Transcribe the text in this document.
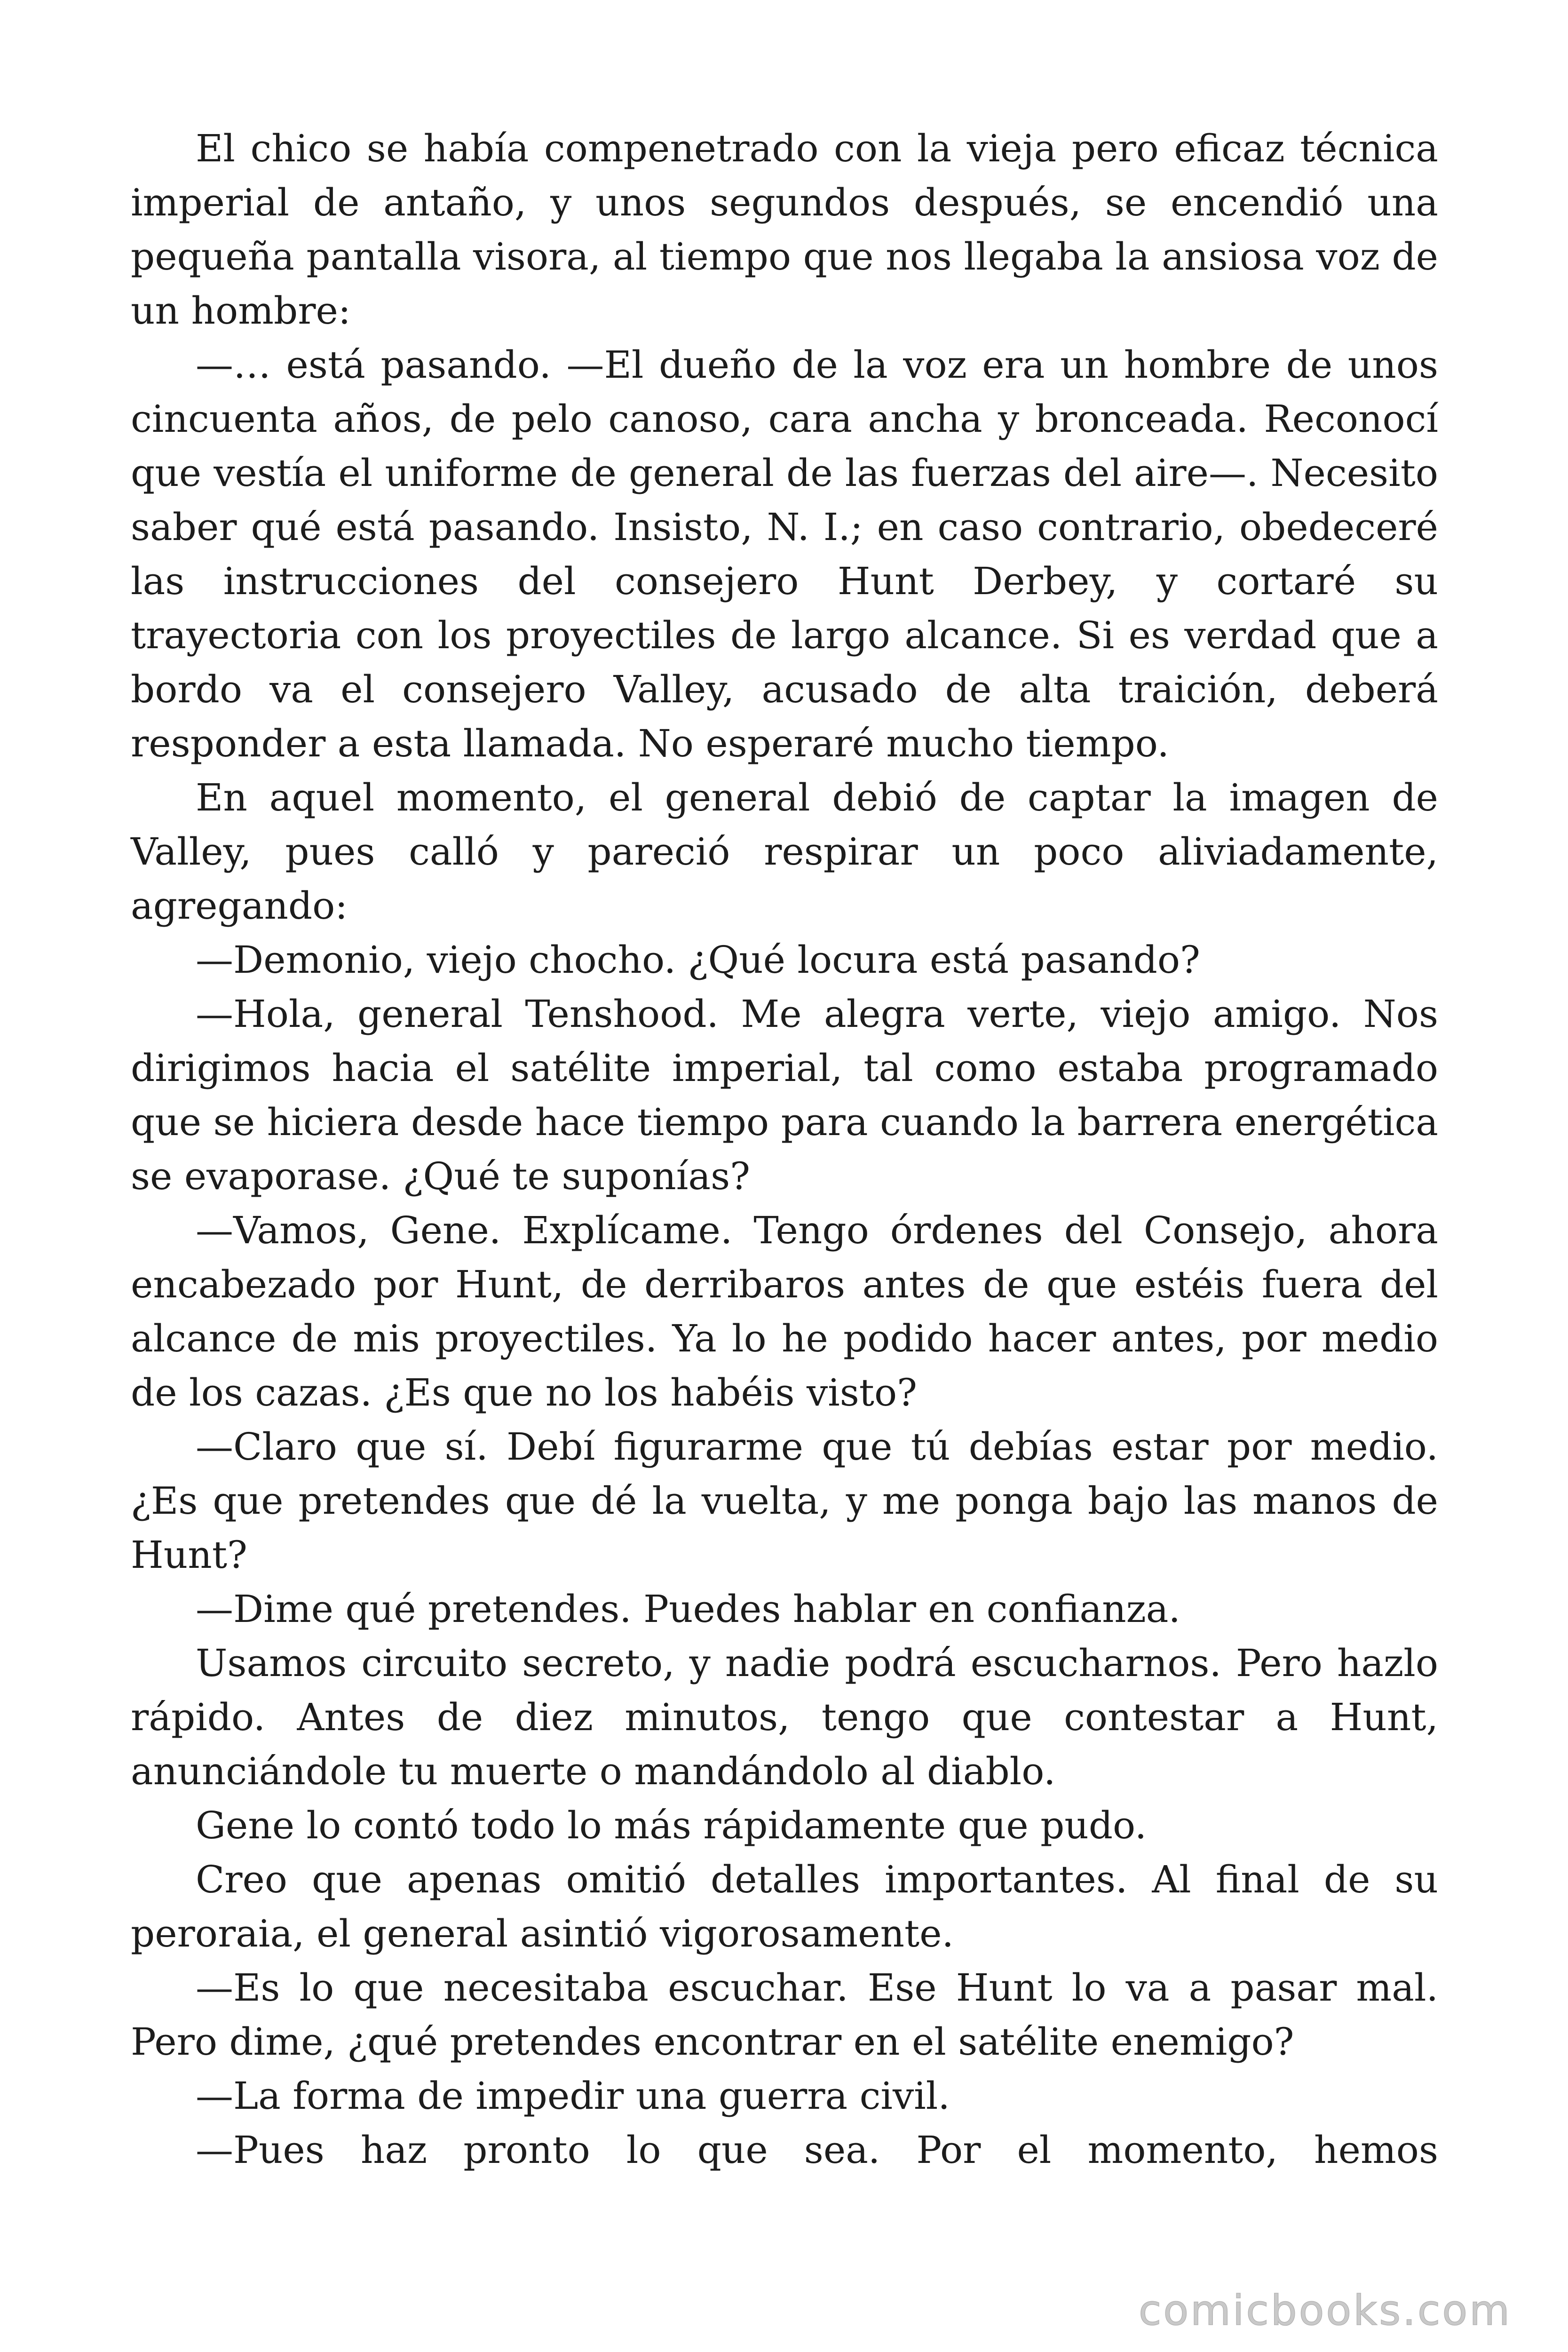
El chico se había compenetrado con la vieja pero eficaz técnica imperial de antaño, y unos segundos después, se encendió una pequeña pantalla visora, al tiempo que nos llegaba la ansiosa voz de un hombre:

—… está pasando. —El dueño de la voz era un hombre de unos cincuenta años, de pelo canoso, cara ancha y bronceada. Reconocí que vestía el uniforme de general de las fuerzas del aire—. Necesito saber qué está pasando. Insisto, N. I.; en caso contrario, obedeceré las instrucciones del consejero Hunt Derbey, y cortaré su trayectoria con los proyectiles de largo alcance. Si es verdad que a bordo va el consejero Valley, acusado de alta traición, deberá responder a esta llamada. No esperaré mucho tiempo.

En aquel momento, el general debió de captar la imagen de Valley, pues calló y pareció respirar un poco aliviadamente, agregando:

—Demonio, viejo chocho. ¿Qué locura está pasando?

—Hola, general Tenshood. Me alegra verte, viejo amigo. Nos dirigimos hacia el satélite imperial, tal como estaba programado que se hiciera desde hace tiempo para cuando la barrera energética se evaporase. ¿Qué te suponías?

—Vamos, Gene. Explícame. Tengo órdenes del Consejo, ahora encabezado por Hunt, de derribaros antes de que estéis fuera del alcance de mis proyectiles. Ya lo he podido hacer antes, por medio de los cazas. ¿Es que no los habéis visto?

—Claro que sí. Debí figurarme que tú debías estar por medio. ¿Es que pretendes que dé la vuelta, y me ponga bajo las manos de Hunt?

—Dime qué pretendes. Puedes hablar en confianza.

Usamos circuito secreto, y nadie podrá escucharnos. Pero hazlo rápido. Antes de diez minutos, tengo que contestar a Hunt, anunciándole tu muerte o mandándolo al diablo.

Gene lo contó todo lo más rápidamente que pudo.

Creo que apenas omitió detalles importantes. Al final de su peroraia, el general asintió vigorosamente.

—Es lo que necesitaba escuchar. Ese Hunt lo va a pasar mal. Pero dime, ¿qué pretendes encontrar en el satélite enemigo?

—La forma de impedir una guerra civil.

—Pues haz pronto lo que sea. Por el momento, hemos

comicbooks.com
